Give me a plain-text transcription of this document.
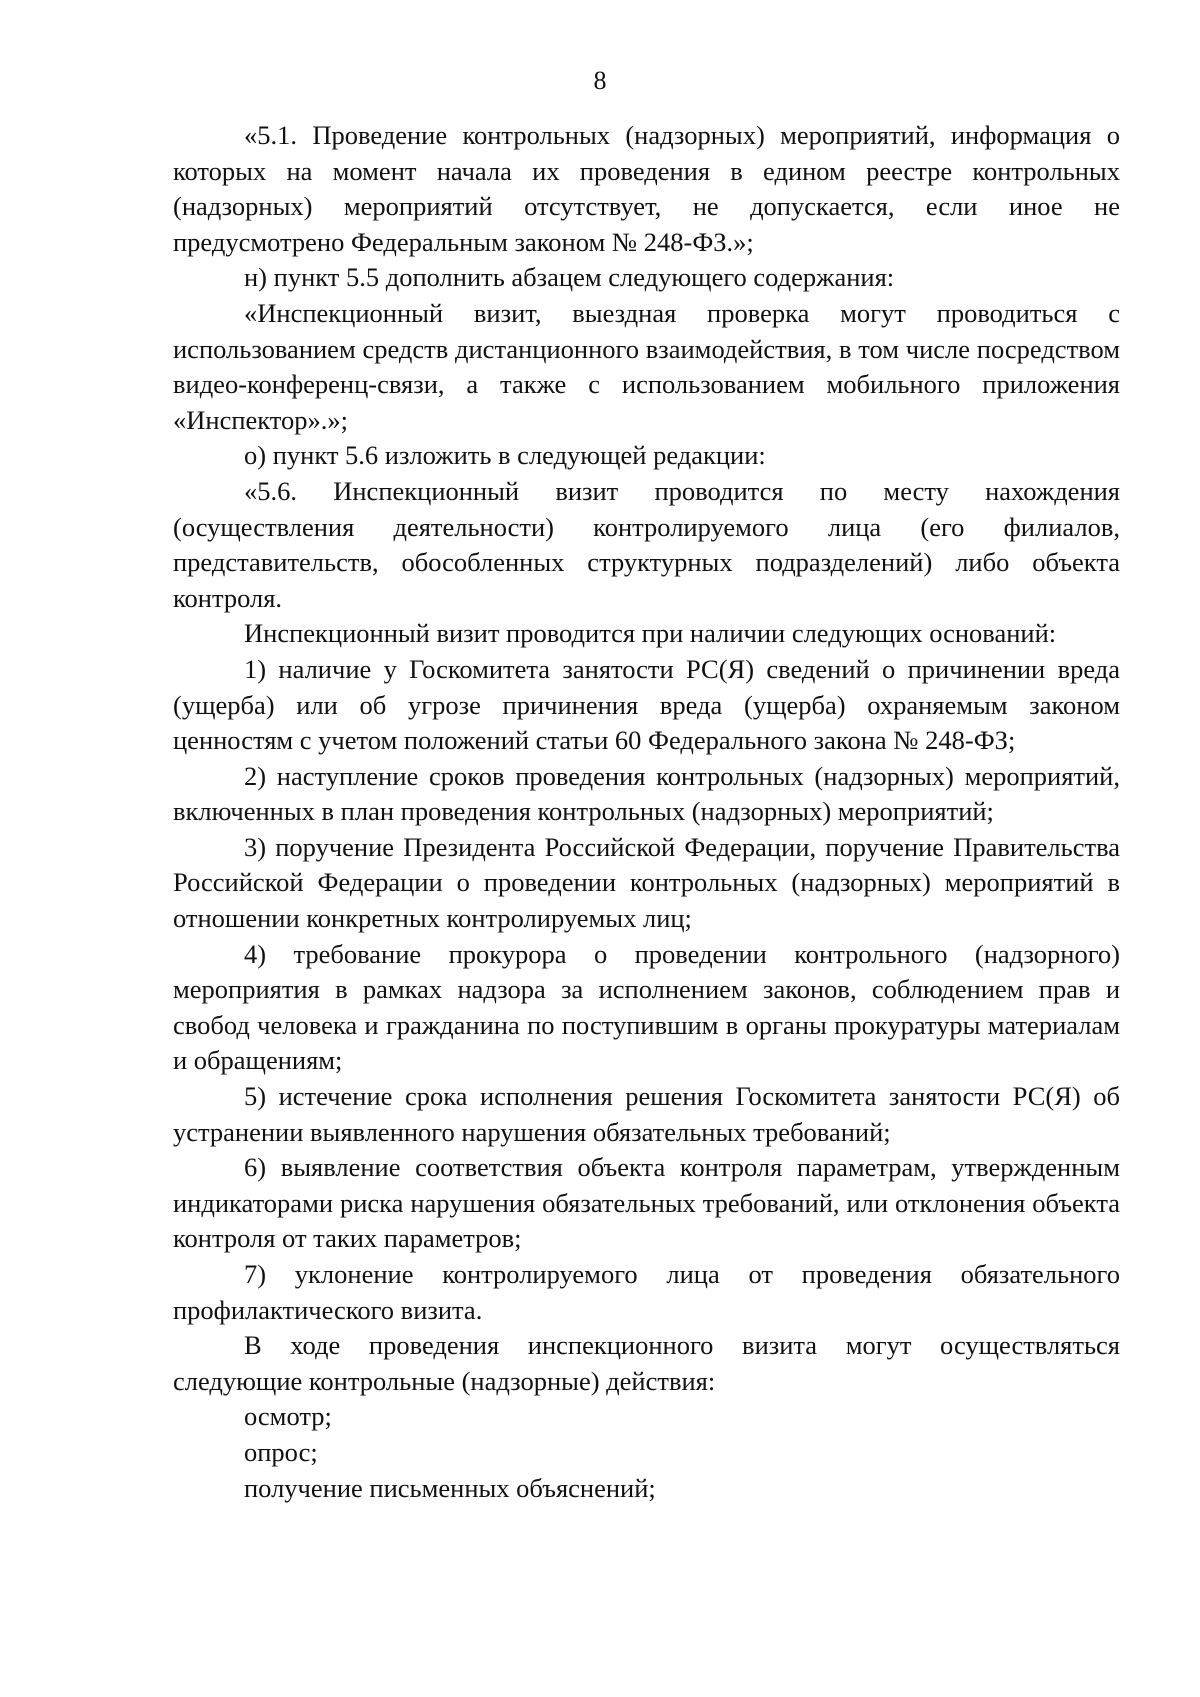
8

«5.1. Проведение контрольных (надзорных) мероприятий, информация о которых на момент начала их проведения в едином реестре контрольных (надзорных) мероприятий отсутствует, не допускается, если иное не предусмотрено Федеральным законом № 248-ФЗ.»;

н) пункт 5.5 дополнить абзацем следующего содержания:

«Инспекционный визит, выездная проверка могут проводиться с использованием средств дистанционного взаимодействия, в том числе посредством видео-конференц-связи, а также с использованием мобильного приложения «Инспектор».»;

о) пункт 5.6 изложить в следующей редакции:

«5.6. Инспекционный визит проводится по месту нахождения (осуществления деятельности) контролируемого лица (его филиалов, представительств, обособленных структурных подразделений) либо объекта контроля.

Инспекционный визит проводится при наличии следующих оснований:

1) наличие у Госкомитета занятости РС(Я) сведений о причинении вреда (ущерба) или об угрозе причинения вреда (ущерба) охраняемым законом ценностям с учетом положений статьи 60 Федерального закона № 248-ФЗ;

2) наступление сроков проведения контрольных (надзорных) мероприятий, включенных в план проведения контрольных (надзорных) мероприятий;

3) поручение Президента Российской Федерации, поручение Правительства Российской Федерации о проведении контрольных (надзорных) мероприятий в отношении конкретных контролируемых лиц;

4) требование прокурора о проведении контрольного (надзорного) мероприятия в рамках надзора за исполнением законов, соблюдением прав и свобод человека и гражданина по поступившим в органы прокуратуры материалам и обращениям;

5) истечение срока исполнения решения Госкомитета занятости РС(Я) об устранении выявленного нарушения обязательных требований;

6) выявление соответствия объекта контроля параметрам, утвержденным индикаторами риска нарушения обязательных требований, или отклонения объекта контроля от таких параметров;

7) уклонение контролируемого лица от проведения обязательного профилактического визита.

В ходе проведения инспекционного визита могут осуществляться следующие контрольные (надзорные) действия:

осмотр;

опрос;

получение письменных объяснений;
